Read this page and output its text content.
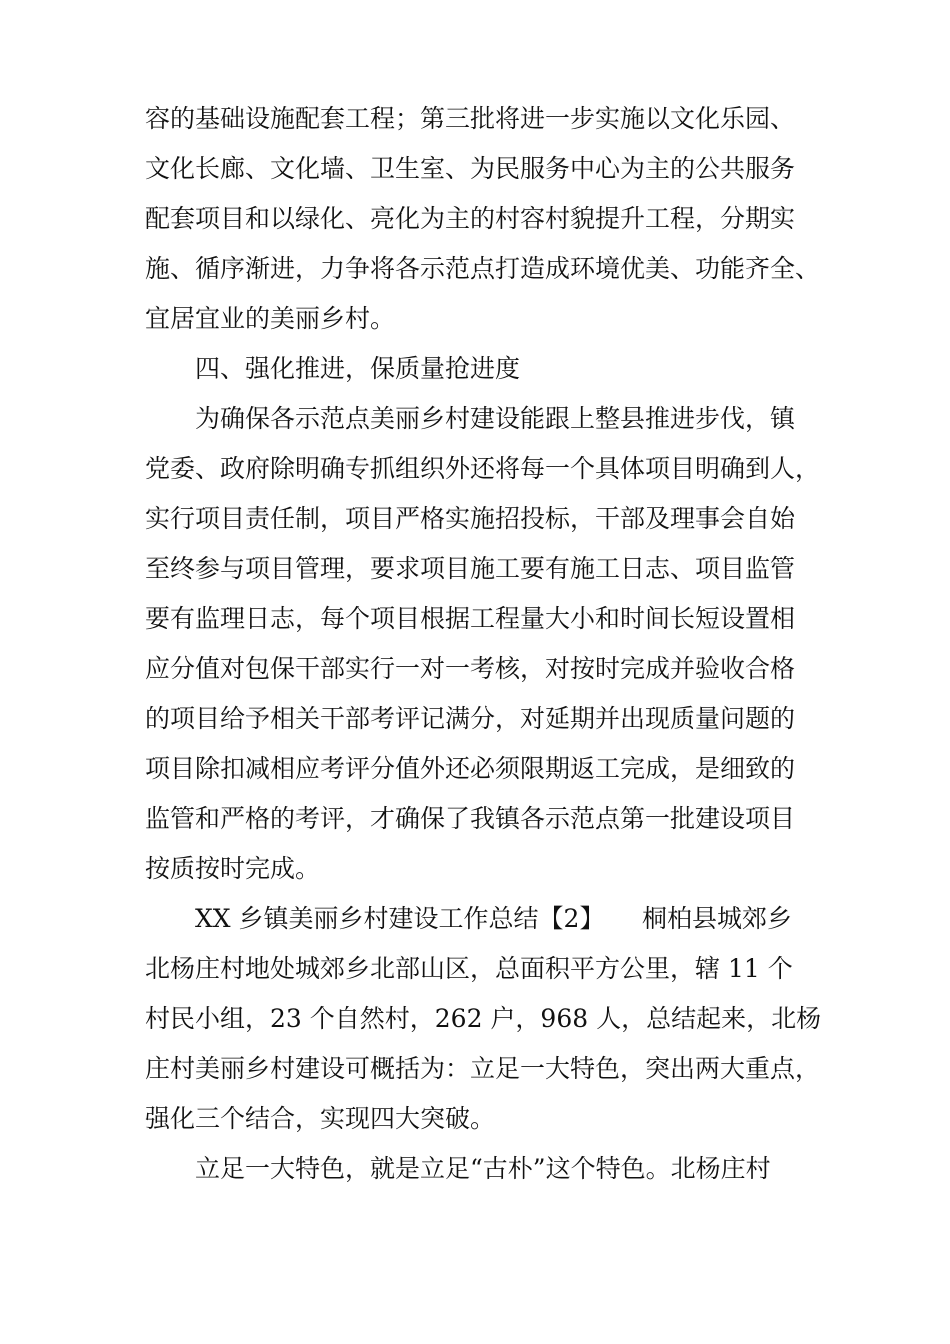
容的基础设施配套工程；第三批将进一步实施以文化乐园、
文化长廊、文化墙、卫生室、为民服务中心为主的公共服务
配套项目和以绿化、亮化为主的村容村貌提升工程，分期实
施、循序渐进，力争将各示范点打造成环境优美、功能齐全、
宜居宜业的美丽乡村。
四、强化推进，保质量抢进度
为确保各示范点美丽乡村建设能跟上整县推进步伐，镇
党委、政府除明确专抓组织外还将每一个具体项目明确到人，
实行项目责任制，项目严格实施招投标，干部及理事会自始
至终参与项目管理，要求项目施工要有施工日志、项目监管
要有监理日志，每个项目根据工程量大小和时间长短设置相
应分值对包保干部实行一对一考核，对按时完成并验收合格
的项目给予相关干部考评记满分，对延期并出现质量问题的
项目除扣减相应考评分值外还必须限期返工完成，是细致的
监管和严格的考评，才确保了我镇各示范点第一批建设项目
按质按时完成。
XX 乡镇美丽乡村建设工作总结【2】　　桐柏县城郊乡
北杨庄村地处城郊乡北部山区，总面积平方公里，辖 11 个
村民小组，23 个自然村，262 户，968 人，总结起来，北杨
庄村美丽乡村建设可概括为：立足一大特色，突出两大重点，
强化三个结合，实现四大突破。
立足一大特色，就是立足“古朴”这个特色。北杨庄村
